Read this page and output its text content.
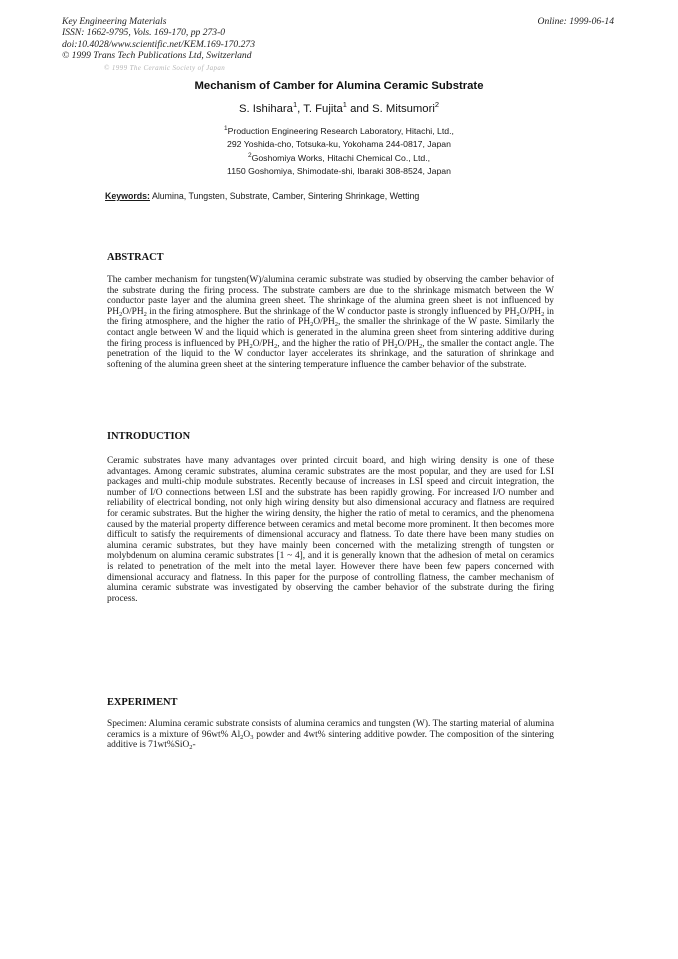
Key Engineering Materials
ISSN: 1662-9795, Vols. 169-170, pp 273-0
doi:10.4028/www.scientific.net/KEM.169-170.273
© 1999 Trans Tech Publications Ltd, Switzerland
Online: 1999-06-14
© 1999 The Ceramic Society of Japan
Mechanism of Camber for Alumina Ceramic Substrate
S. Ishihara$^1$, T. Fujita$^1$ and S. Mitsumori$^2$
$^1$Production Engineering Research Laboratory, Hitachi, Ltd.,
292 Yoshida-cho, Totsuka-ku, Yokohama 244-0817, Japan
$^2$Goshomiya Works, Hitachi Chemical Co., Ltd.,
1150 Goshomiya, Shimodate-shi, Ibaraki 308-8524, Japan
Keywords: Alumina, Tungsten, Substrate, Camber, Sintering Shrinkage, Wetting
ABSTRACT

The camber mechanism for tungsten(W)/alumina ceramic substrate was studied by observing the camber behavior of the substrate during the firing process. The substrate cambers are due to the shrinkage mismatch between the W conductor paste layer and the alumina green sheet. The shrinkage of the alumina green sheet is not influenced by $PH_2O/PH_2$ in the firing atmosphere. But the shrinkage of the W conductor paste is strongly influenced by $PH_2O/PH_2$ in the firing atmosphere, and the higher the ratio of $PH_2O/PH_2$, the smaller the shrinkage of the W paste. Similarly the contact angle between W and the liquid which is generated in the alumina green sheet from sintering additive during the firing process is influenced by $PH_2O/PH_2$, and the higher the ratio of $PH_2O/PH_2$, the smaller the contact angle. The penetration of the liquid to the W conductor layer accelerates its shrinkage, and the saturation of shrinkage and softening of the alumina green sheet at the sintering temperature influence the camber behavior of the substrate.

INTRODUCTION

Ceramic substrates have many advantages over printed circuit board, and high wiring density is one of these advantages. Among ceramic substrates, alumina ceramic substrates are the most popular, and they are used for LSI packages and multi-chip module substrates. Recently because of increases in LSI speed and circuit integration, the number of I/O connections between LSI and the substrate has been rapidly growing. For increased I/O number and reliability of electrical bonding, not only high wiring density but also dimensional accuracy and flatness are required for ceramic substrates. But the higher the wiring density, the higher the ratio of metal to ceramics, and the phenomena caused by the material property difference between ceramics and metal become more prominent. It then becomes more difficult to satisfy the requirements of dimensional accuracy and flatness. To date there have been many studies on alumina ceramic substrates, but they have mainly been concerned with the metalizing strength of tungsten or molybdenum on alumina ceramic substrates [1 ~ 4], and it is generally known that the adhesion of metal on ceramics is related to penetration of the melt into the metal layer. However there have been few papers concerned with dimensional accuracy and flatness. In this paper for the purpose of controlling flatness, the camber mechanism of alumina ceramic substrate was investigated by observing the camber behavior of the substrate during the firing process.

EXPERIMENT

Specimen: Alumina ceramic substrate consists of alumina ceramics and tungsten (W). The starting material of alumina ceramics is a mixture of 96wt% $Al_2O_3$ powder and 4wt% sintering additive powder. The composition of the sintering additive is 71wt%SiO$_2$-
